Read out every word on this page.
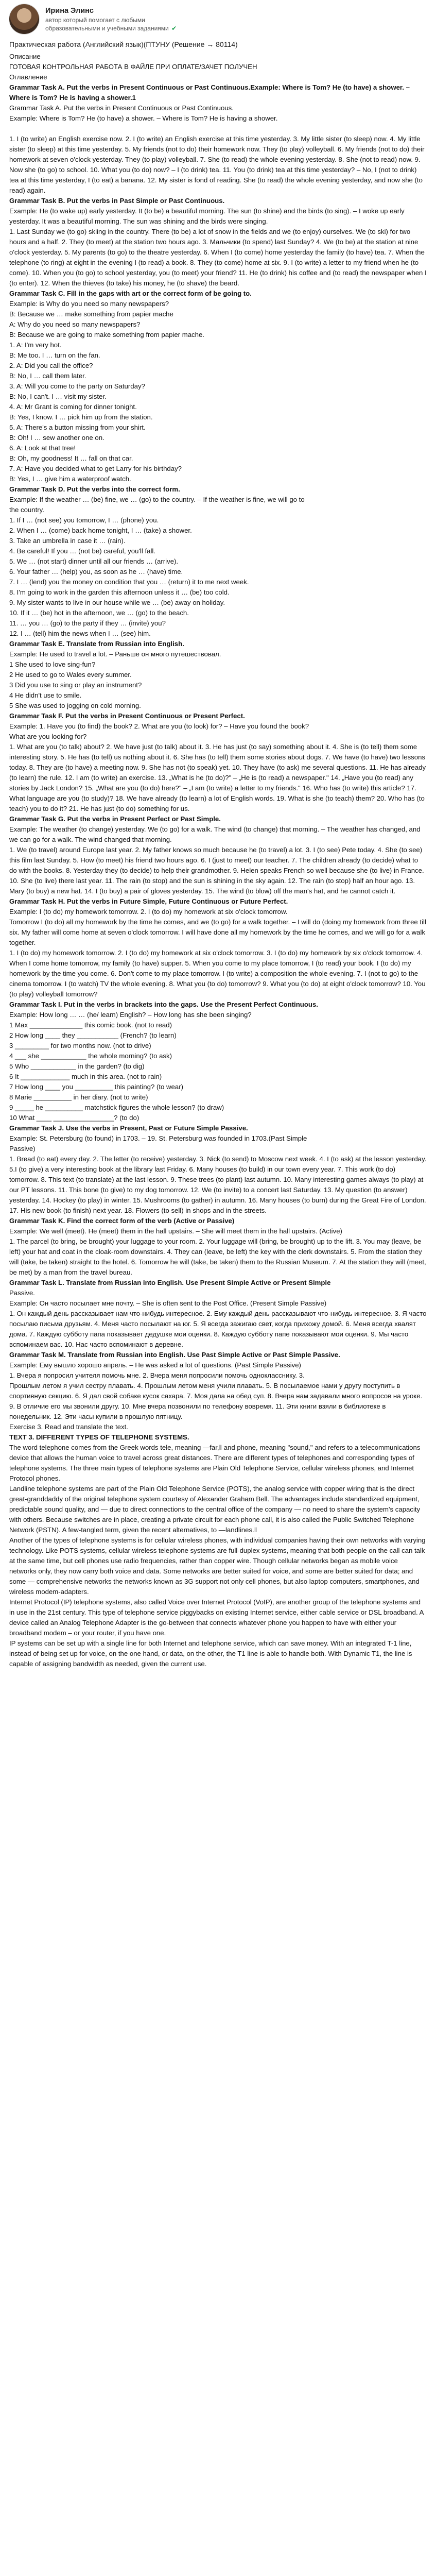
Ирина Элинс
автор который помогает с любыми образовательными и учебными заданиями ✔
Практическая работа (Английский язык)(ПТУНУ (Решение → 80114)

Описание

ГОТОВАЯ КОНТРОЛЬНАЯ РАБОТА В ФАЙЛЕ ПРИ ОПЛАТЕ/ЗАЧЕТ ПОЛУЧЕН

Оглавление

Grammar Task A. Put the verbs in Present Continuous or Past Continuous.Example: Where is Tom? He (to have) a shower. – Where is Tom? He is having a shower.1

Grammar Task A. Put the verbs in Present Continuous or Past Continuous.

Example: Where is Tom? He (to have) a shower. – Where is Tom? He is having a shower.

1. I (to write) an English exercise now. 2. I (to write) an English exercise at this time yesterday. 3. My little sister (to sleep) now. 4. My little sister (to sleep) at this time yesterday. 5. My friends (not to do) their homework now. They (to play) volleyball. 6. My friends (not to do) their homework at seven o'clock yesterday. They (to play) volleyball. 7. She (to read) the whole evening yesterday. 8. She (not to read) now. 9. Now she (to go) to school. 10. What you (to do) now? – I (to drink) tea. 11. You (to drink) tea at this time yesterday? – No, I (not to drink) tea at this time yesterday, I (to eat) a banana. 12. My sister is fond of reading. She (to read) the whole evening yesterday, and now she (to read) again.

Grammar Task B. Put the verbs in Past Simple or Past Continuous.

Example: He (to wake up) early yesterday. It (to be) a beautiful morning. The sun (to shine) and the birds (to sing). – I woke up early yesterday. It was a beautiful morning. The sun was shining and the birds were singing.

1. Last Sunday we (to go) skiing in the country. There (to be) a lot of snow in the fields and we (to enjoy) ourselves. We (to ski) for two hours and a half. 2. They (to meet) at the station two hours ago. 3. Мальчики (to spend) last Sunday? 4. We (to be) at the station at nine o'clock yesterday. 5. My parents (to go) to the theatre yesterday. 6. When I (to come) home yesterday the family (to have) tea. 7. When the telephone (to ring) at eight in the evening I (to read) a book. 8. They (to come) home at six. 9. I (to write) a letter to my friend when he (to come). 10. When you (to go) to school yesterday, you (to meet) your friend? 11. He (to drink) his coffee and (to read) the newspaper when I (to enter). 12. When the thieves (to take) his money, he (to shave) the beard.

Grammar Task C. Fill in the gaps with art or the correct form of be going to.

Example: is Why do you need so many newspapers?

B: Because we … make something from papier mache

A: Why do you need so many newspapers?

B: Because we are going to make something from papier mache.

1. A: I'm very hot.

B: Me too. I … turn on the fan.

2. A: Did you call the office?

B: No, I … call them later.

3. A: Will you come to the party on Saturday?

B: No, I can't. I … visit my sister.

4. A: Mr Grant is coming for dinner tonight.

B: Yes, I know. I … pick him up from the station.

5. A: There's a button missing from your shirt.

B: Oh! I … sew another one on.

6. A: Look at that tree!

B: Oh, my goodness! It … fall on that car.

7. A: Have you decided what to get Larry for his birthday?

B: Yes, I … give him a waterproof watch.

Grammar Task D. Put the verbs into the correct form.

Example: If the weather … (be) fine, we … (go) to the country. – If the weather is fine, we will go to

the country.

1. If I … (not see) you tomorrow, I … (phone) you.

2. When I … (come) back home tonight, I … (take) a shower.

3. Take an umbrella in case it … (rain).

4. Be careful! If you … (not be) careful, you'll fall.

5. We … (not start) dinner until all our friends … (arrive).

6. Your father … (help) you, as soon as he … (have) time.

7. I … (lend) you the money on condition that you … (return) it to me next week.

8. I'm going to work in the garden this afternoon unless it … (be) too cold.

9. My sister wants to live in our house while we … (be) away on holiday.

10. If it … (be) hot in the afternoon, we … (go) to the beach.

11. … you … (go) to the party if they … (invite) you?

12. I … (tell) him the news when I … (see) him.

Grammar Task E. Translate from Russian into English.

Example: He used to travel a lot. – Раньше он много путешествовал.

1 She used to love sing-fun?

2 He used to go to Wales every summer.

3 Did you use to sing or play an instrument?

4 He didn't use to smile.

5 She was used to jogging on cold morning.

Grammar Task F. Put the verbs in Present Continuous or Present Perfect.

Example: 1. Have you (to find) the book? 2. What are you (to look) for? – Have you found the book?

What are you looking for?

1. What are you (to talk) about? 2. We have just (to talk) about it. 3. He has just (to say) something about it. 4. She is (to tell) them some interesting story. 5. He has (to tell) us nothing about it. 6. She has (to tell) them some stories about dogs. 7. We have (to have) two lessons today. 8. They are (to have) a meeting now. 9. She has not (to speak) yet. 10. They have (to ask) me several questions. 11. He has already (to learn) the rule. 12. I am (to write) an exercise. 13. „What is he (to do)?" – „He is (to read) a newspaper." 14. „Have you (to read) any stories by Jack London? 15. „What are you (to do) here?" – „I am (to write) a letter to my friends." 16. Who has (to write) this article? 17. What language are you (to study)? 18. We have already (to learn) a lot of English words. 19. What is she (to teach) them? 20. Who has (to teach) you to do it? 21. He has just (to do) something for us.

Grammar Task G. Put the verbs in Present Perfect or Past Simple.

Example: The weather (to change) yesterday. We (to go) for a walk. The wind (to change) that morning. – The weather has changed, and we can go for a walk. The wind changed that morning.

1. We (to travel) around Europe last year. 2. My father knows so much because he (to travel) a lot. 3. I (to see) Pete today. 4. She (to see) this film last Sunday. 5. How (to meet) his friend two hours ago. 6. I (just to meet) our teacher. 7. The children already (to decide) what to do with the books. 8. Yesterday they (to decide) to help their grandmother. 9. Helen speaks French so well because she (to live) in France. 10. She (to live) there last year. 11. The rain (to stop) and the sun is shining in the sky again. 12. The rain (to stop) half an hour ago. 13. Mary (to buy) a new hat. 14. I (to buy) a pair of gloves yesterday. 15. The wind (to blow) off the man's hat, and he cannot catch it.

Grammar Task H. Put the verbs in Future Simple, Future Continuous or Future Perfect.

Example: I (to do) my homework tomorrow. 2. I (to do) my homework at six o'clock tomorrow.

Tomorrow I (to do) all my homework by the time he comes, and we (to go) for a walk together. – I will do (doing my homework from three till six. My father will come home at seven o'clock tomorrow. I will have done all my homework by the time he comes, and we will go for a walk together.

1. I (to do) my homework tomorrow. 2. I (to do) my homework at six o'clock tomorrow. 3. I (to do) my homework by six o'clock tomorrow. 4. When I come home tomorrow, my family (to have) supper. 5. When you come to my place tomorrow, I (to read) your book. I (to do) my homework by the time you come. 6. Don't come to my place tomorrow. I (to write) a composition the whole evening. 7. I (not to go) to the cinema tomorrow. I (to watch) TV the whole evening. 8. What you (to do) tomorrow? 9. What you (to do) at eight o'clock tomorrow? 10. You (to play) volleyball tomorrow?

Grammar Task I. Put in the verbs in brackets into the gaps. Use the Present Perfect Continuous.

Example: How long … … (he/ learn) English? – How long has she been singing?

1 Max ______________ this comic book. (not to read)

2 How long ____ they ___________ (French? (to learn)

3 _________ for two months now. (not to drive)

4 ___ she ____________ the whole morning? (to ask)

5 Who ____________ in the garden? (to dig)

6 It _____________ much in this area. (not to rain)

7 How long ____ you __________ this painting? (to wear)

8 Marie __________ in her diary. (not to write)

9 _____ he __________ matchstick figures the whole lesson? (to draw)

10 What ____ ________________? (to do)

Grammar Task J. Use the verbs in Present, Past or Future Simple Passive.

Example: St. Petersburg (to found) in 1703. – 19. St. Petersburg was founded in 1703.(Past Simple

Passive)

1. Bread (to eat) every day. 2. The letter (to receive) yesterday. 3. Nick (to send) to Moscow next week. 4. I (to ask) at the lesson yesterday. 5.I (to give) a very interesting book at the library last Friday. 6. Many houses (to build) in our town every year. 7. This work (to do) tomorrow. 8. This text (to translate) at the last lesson. 9. These trees (to plant) last autumn. 10. Many interesting games always (to play) at our PT lessons. 11. This bone (to give) to my dog tomorrow. 12. We (to invite) to a concert last Saturday. 13. My question (to answer) yesterday. 14. Hockey (to play) in winter. 15. Mushrooms (to gather) in autumn. 16. Many houses (to burn) during the Great Fire of London. 17. His new book (to finish) next year. 18. Flowers (to sell) in shops and in the streets.

Grammar Task K. Find the correct form of the verb (Active or Passive)

Example: We well (meet). He (meet) them in the hall upstairs. – She will meet them in the hall upstairs. (Active)

1. The parcel (to bring, be brought) your luggage to your room. 2. Your luggage will (bring, be brought) up to the lift. 3. You may (leave, be left) your hat and coat in the cloak-room downstairs. 4. They can (leave, be left) the key with the clerk downstairs. 5. From the station they will (take, be taken) straight to the hotel. 6. Tomorrow he will (take, be taken) them to the Russian Museum. 7. At the station they will (meet, be met) by a man from the travel bureau.

Grammar Task L. Translate from Russian into English. Use Present Simple Active or Present Simple

Passive.

Example: Он часто посылает мне почту. – She is often sent to the Post Office. (Present Simple Passive)

1. Он каждый день рассказывает нам что-нибудь интересное. 2. Ему каждый день рассказывают что-нибудь интересное. 3. Я часто посылаю письма друзьям. 4. Меня часто посылают на юг. 5. Я всегда зажигаю свет, когда прихожу домой. 6. Меня всегда хвалят дома. 7. Каждую субботу папа показывает дедушке мои оценки. 8. Каждую субботу папе показывают мои оценки. 9. Мы часто вспоминаем вас. 10. Нас часто вспоминают в деревне.

Grammar Task M. Translate from Russian into English. Use Past Simple Active or Past Simple Passive.

Example: Ему вышло хорошо апрель. – Не was asked a lot of questions. (Past Simple Passive)

1. Вчера я попросил учителя помочь мне. 2. Вчера меня попросили помочь однокласснику. 3.

Прошлым летом я учил сестру плавать. 4. Прошлым летом меня учили плавать. 5. В посылаемое нами у другу поступить в спортивную секцию. 6. Я дал свой собаке кусок сахара. 7. Моя дала на обед суп. 8. Вчера нам задавали много вопросов на уроке. 9. В отличие его мы звонили другу. 10. Мне вчера позвонили по телефону вовремя. 11. Эти книги взяли в библиотеке в понедельник. 12. Эти часы купили в прошлую пятницу.

Exercise 3. Read and translate the text.

TEXT 3. DIFFERENT TYPES OF TELEPHONE SYSTEMS.

The word telephone comes from the Greek words tele, meaning —far,‖ and phone, meaning "sound," and refers to a telecommunications device that allows the human voice to travel across great distances. There are different types of telephones and corresponding types of telephone systems. The three main types of telephone systems are Plain Old Telephone Service, cellular wireless phones, and Internet Protocol phones.

Landline telephone systems are part of the Plain Old Telephone Service (POTS), the analog service with copper wiring that is the direct great-granddaddy of the original telephone system courtesy of Alexander Graham Bell. The advantages include standardized equipment, predictable sound quality, and — due to direct connections to the central office of the company — no need to share the system's capacity with others. Because switches are in place, creating a private circuit for each phone call, it is also called the Public Switched Telephone Network (PSTN). A few-tangled term, given the recent alternatives, to —landlines.‖

Another of the types of telephone systems is for cellular wireless phones, with individual companies having their own networks with varying technology. Like POTS systems, cellular wireless telephone systems are full-duplex systems, meaning that both people on the call can talk at the same time, but cell phones use radio frequencies, rather than copper wire. Though cellular networks began as mobile voice networks only, they now carry both voice and data. Some networks are better suited for voice, and some are better suited for data; and some — comprehensive networks the networks known as 3G support not only cell phones, but also laptop computers, smartphones, and wireless modem-adapters.

Internet Protocol (IP) telephone systems, also called Voice over Internet Protocol (VoIP), are another group of the telephone systems and in use in the 21st century. This type of telephone service piggybacks on existing Internet service, either cable service or DSL broadband. A device called an Analog Telephone Adapter is the go-between that connects whatever phone you happen to have with either your broadband modem – or your router, if you have one.

IP systems can be set up with a single line for both Internet and telephone service, which can save money. With an integrated T-1 line, instead of being set up for voice, on the one hand, or data, on the other, the T1 line is able to handle both. With Dynamic T1, the line is capable of assigning bandwidth as needed, given the current use.
